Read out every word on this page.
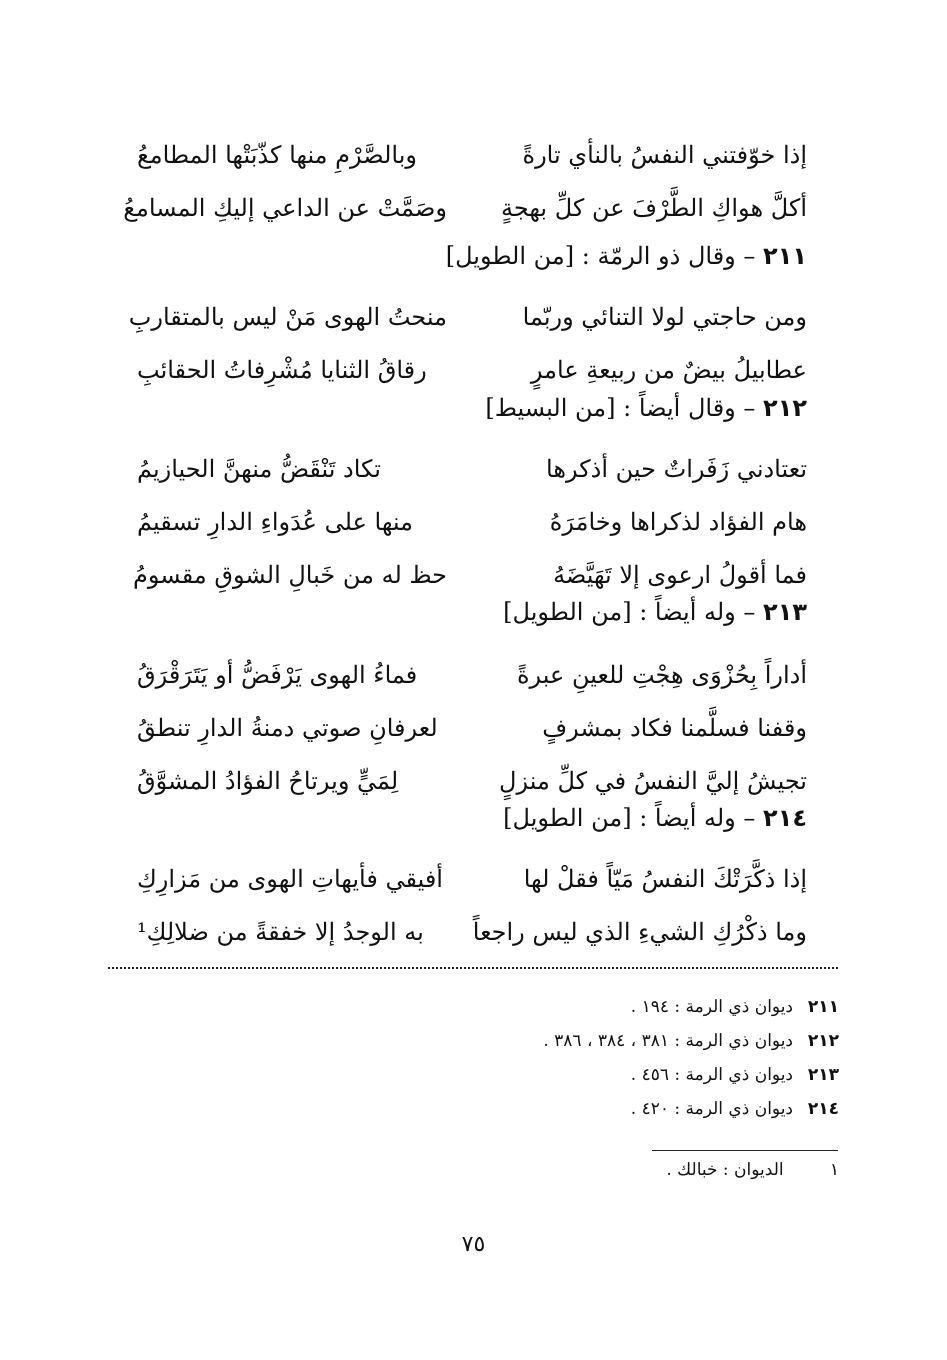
إذا خوّفتني النفسُ بالنأي تارةً
وبالصَّرْمِ منها كذّبَتْها المطامعُ
أكلَّ هواكِ الطَّرْفَ عن كلِّ بهجةٍ
وصَمَّتْ عن الداعي إليكِ المسامعُ
٢١١ – وقال ذو الرمّة : [من الطويل]
ومن حاجتي لولا التنائي وربّما
منحتُ الهوى مَنْ ليس بالمتقاربِ
عطابيلُ بيضٌ من ربيعةِ عامرٍ
رقاقُ الثنايا مُشْرِفاتُ الحقائبِ
٢١٢ – وقال أيضاً : [من البسيط]
تعتادني زَفَراتٌ حين أذكرها
تكاد تَنْقَضُّ منهنَّ الحيازيمُ
هام الفؤاد لذكراها وخامَرَهُ
منها على عُدَواءِ الدارِ تسقيمُ
فما أقولُ ارعوى إلا تَهَيَّضَهُ
حظ له من خَبالِ الشوقِ مقسومُ
٢١٣ – وله أيضاً : [من الطويل]
أداراً بِحُزْوَى هِجْتِ للعينِ عبرةً
فماءُ الهوى يَرْفَضُّ أو يَتَرَقْرَقُ
وقفنا فسلَّمنا فكاد بمشرفٍ
لعرفانِ صوتي دمنةُ الدارِ تنطقُ
تجيشُ إليَّ النفسُ في كلِّ منزلٍ
لِمَيٍّ ويرتاحُ الفؤادُ المشوَّقُ
٢١٤ – وله أيضاً : [من الطويل]
إذا ذكَّرَتْكَ النفسُ مَيّاً فقلْ لها
أفيقي فأيهاتِ الهوى من مَزارِكِ
وما ذكْرُكِ الشيءِ الذي ليس راجعاً
به الوجدُ إلا خفقةً من ضلالِكِ¹
٢١١
ديوان ذي الرمة : ١٩٤ .
٢١٢
ديوان ذي الرمة : ٣٨١ ، ٣٨٤ ، ٣٨٦ .
٢١٣
ديوان ذي الرمة : ٤٥٦ .
٢١٤
ديوان ذي الرمة : ٤٢٠ .
١ الديوان : خبالك .
٧٥
